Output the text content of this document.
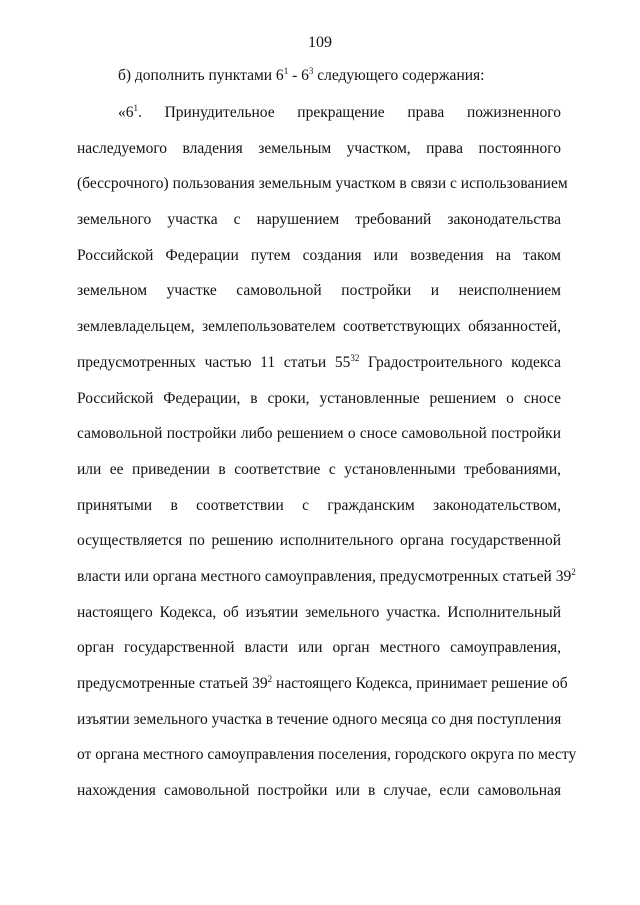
109
б) дополнить пунктами $6^1 - 6^3$ следующего содержания:
«$6^1$. Принудительное прекращение права пожизненного
наследуемого владения земельным участком, права постоянного
(бессрочного) пользования земельным участком в связи с использованием
земельного участка с нарушением требований законодательства
Российской Федерации путем создания или возведения на таком
земельном участке самовольной постройки и неисполнением
землевладельцем, землепользователем соответствующих обязанностей,
предусмотренных частью 11 статьи $55^{32}$ Градостроительного кодекса
Российской Федерации, в сроки, установленные решением о сносе
самовольной постройки либо решением о сносе самовольной постройки
или ее приведении в соответствие с установленными требованиями,
принятыми в соответствии с гражданским законодательством,
осуществляется по решению исполнительного органа государственной
власти или органа местного самоуправления, предусмотренных статьей $39^2$
настоящего Кодекса, об изъятии земельного участка. Исполнительный
орган государственной власти или орган местного самоуправления,
предусмотренные статьей $39^2$ настоящего Кодекса, принимает решение об
изъятии земельного участка в течение одного месяца со дня поступления
от органа местного самоуправления поселения, городского округа по месту
нахождения самовольной постройки или в случае, если самовольная
